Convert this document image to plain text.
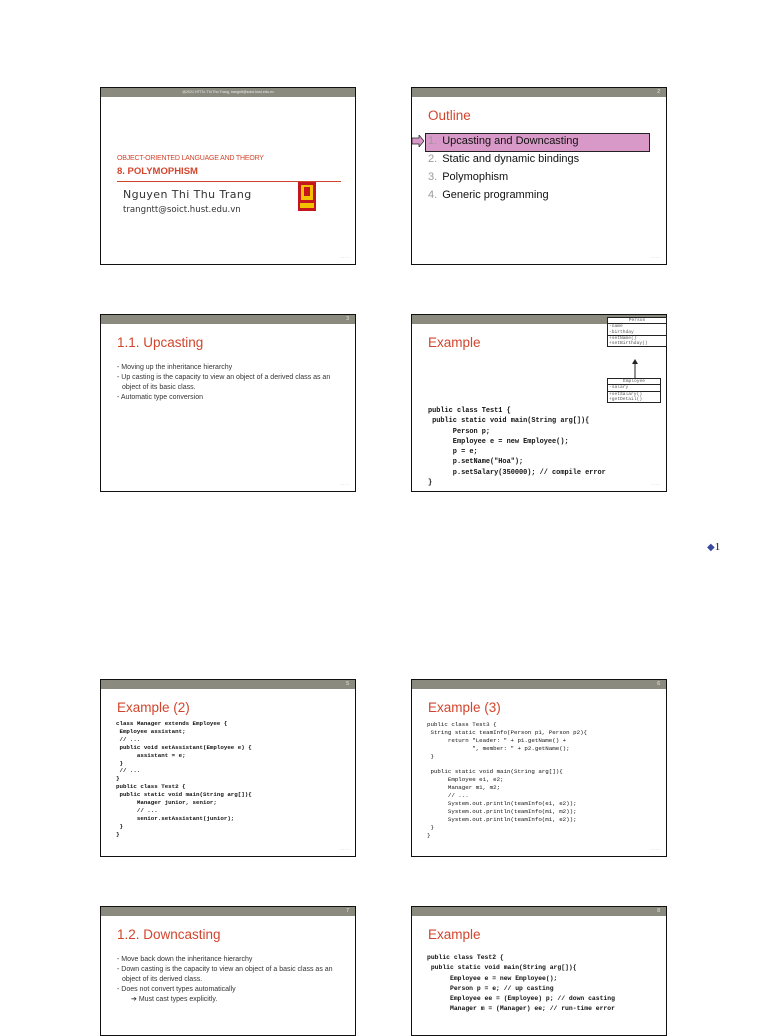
@2021 HTTN. Thi Thu Trang, trangntt@soict.hust.edu.vn
OBJECT-ORIENTED LANGUAGE AND THEORY
8. POLYMOPHISM
Nguyen Thi Thu Trang
trangntt@soict.hust.edu.vn
- - - -
2
Outline
1. Upcasting and Downcasting
2. Static and dynamic bindings
3. Polymophism
4. Generic programming
- - - -
3
1.1. Upcasting
- Moving up the inheritance hierarchy
- Up casting is the capacity to view an object of a derived class as an object of its basic class.
- Automatic type conversion
- - - -
Example
public class Test1 {
public static void main(String arg[]){
Person p;
Employee e = new Employee();
p = e;
p.setName("Hoa");
p.setSalary(350000); // compile error
}	- - - -
Person
-name
-birthday
+setName()
+setBirthday()
Employee
-salary
+setSalary()
+getDetail()
◆1
5
Example (2)
class Manager extends Employee {
Employee assistant;
// ...
public void setAssistant(Employee e) {
assistant = e;
}
// ...
}
public class Test2 {
public static void main(String arg[]){
Manager junior, senior;
// ...
senior.setAssistant(junior);
}
}
- - - -
6
Example (3)
public class Test3 {
String static teamInfo(Person p1, Person p2){
return "Leader: " + p1.getName() +
", member: " + p2.getName();
}

public static void main(String arg[]){
Employee e1, e2;
Manager m1, m2;
// ...
System.out.println(teamInfo(e1, e2));
System.out.println(teamInfo(m1, m2));
System.out.println(teamInfo(m1, e2));
}
}
- - - -
7
1.2. Downcasting
- Move back down the inheritance hierarchy
- Down casting is the capacity to view an object of a basic class as an object of its derived class.
- Does not convert types automatically
➔ Must cast types explicitly.
8
Example
public class Test2 {
public static void main(String arg[]){
Employee e = new Employee();
Person p = e; // up casting
Employee ee = (Employee) p; // down casting
Manager m = (Manager) ee; // run-time error
